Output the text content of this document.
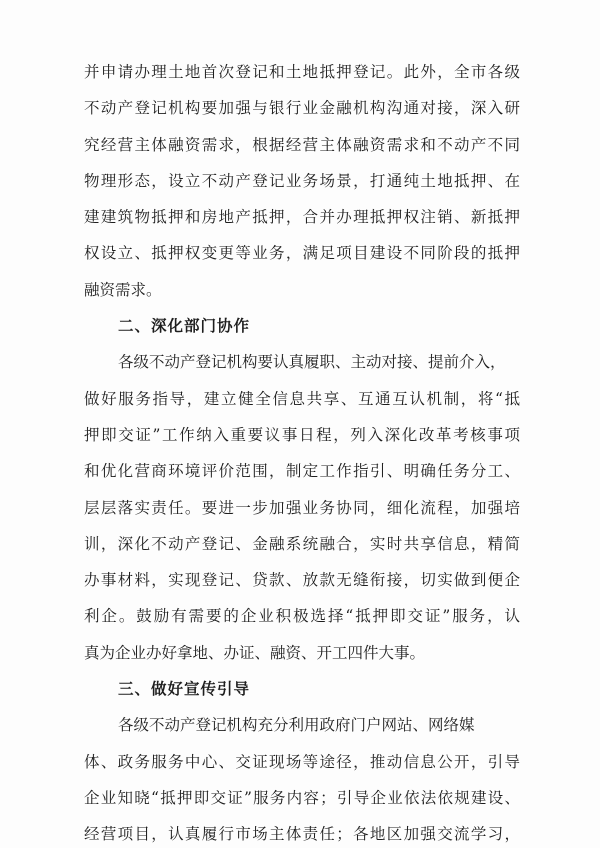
并申请办理土地首次登记和土地抵押登记。此外，全市各级
不动产登记机构要加强与银行业金融机构沟通对接，深入研
究经营主体融资需求，根据经营主体融资需求和不动产不同
物理形态，设立不动产登记业务场景，打通纯土地抵押、在
建建筑物抵押和房地产抵押，合并办理抵押权注销、新抵押
权设立、抵押权变更等业务，满足项目建设不同阶段的抵押
融资需求。
二、深化部门协作
各级不动产登记机构要认真履职、主动对接、提前介入，
做好服务指导，建立健全信息共享、互通互认机制，将“抵
押即交证”工作纳入重要议事日程，列入深化改革考核事项
和优化营商环境评价范围，制定工作指引、明确任务分工、
层层落实责任。要进一步加强业务协同，细化流程，加强培
训，深化不动产登记、金融系统融合，实时共享信息，精简
办事材料，实现登记、贷款、放款无缝衔接，切实做到便企
利企。鼓励有需要的企业积极选择“抵押即交证”服务，认
真为企业办好拿地、办证、融资、开工四件大事。
三、做好宣传引导
各级不动产登记机构充分利用政府门户网站、网络媒
体、政务服务中心、交证现场等途径，推动信息公开，引导
企业知晓“抵押即交证”服务内容；引导企业依法依规建设、
经营项目，认真履行市场主体责任；各地区加强交流学习，
